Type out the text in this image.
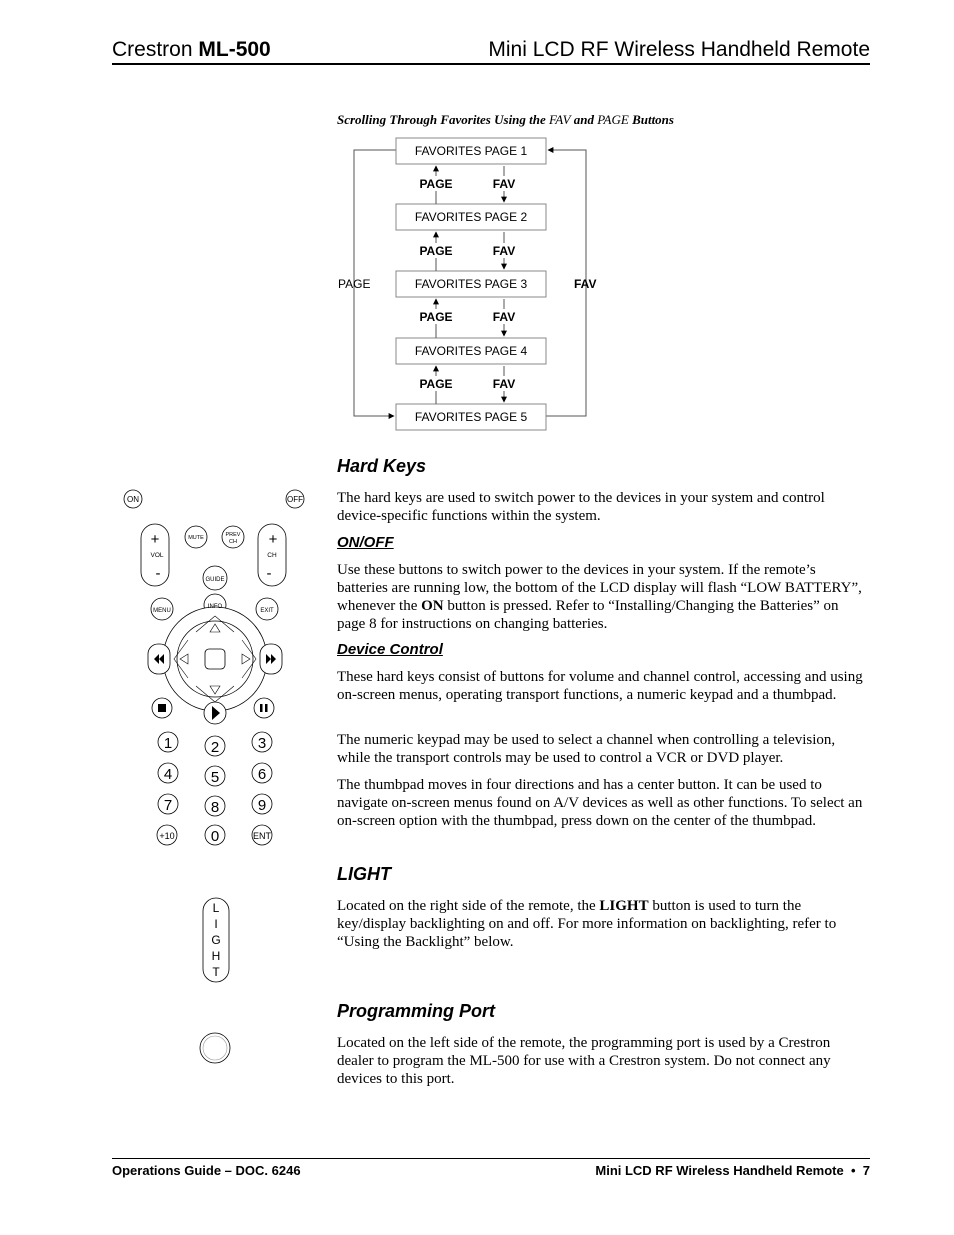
Crestron ML-500	Mini LCD RF Wireless Handheld Remote
Scrolling Through Favorites Using the FAV and PAGE Buttons
PAGE	FAV
FAVORITES PAGE 1
FAVORITES PAGE 2
FAVORITES PAGE 3
FAVORITES PAGE 4
FAVORITES PAGE 5
PAGE	FAV
PAGE	FAV
PAGE	FAV
PAGE	FAV
ON	OFF
MUTE	PREV
CH
VOL	CH
+	+
-	-
GUIDE
MENU
INFO
EXIT
1	2	3
4	5	6
7	8	9
+10 0	ENT
L
I
G
H
T
Hard Keys
The hard keys are used to switch power to the devices in your system and control device-specific functions within the system.
ON/OFF
Use these buttons to switch power to the devices in your system. If the remote’s batteries are running low, the bottom of the LCD display will flash “LOW BATTERY”, whenever the ON button is pressed. Refer to “Installing/Changing the Batteries” on page 8 for instructions on changing batteries.
Device Control
These hard keys consist of buttons for volume and channel control, accessing and using on-screen menus, operating transport functions, a numeric keypad and a thumbpad.
The numeric keypad may be used to select a channel when controlling a television, while the transport controls may be used to control a VCR or DVD player.
The thumbpad moves in four directions and has a center button. It can be used to navigate on-screen menus found on A/V devices as well as other functions. To select an on-screen option with the thumbpad, press down on the center of the thumbpad.
LIGHT
Located on the right side of the remote, the LIGHT button is used to turn the key/display backlighting on and off. For more information on backlighting, refer to “Using the Backlight” below.
Programming Port
Located on the left side of the remote, the programming port is used by a Crestron dealer to program the ML-500 for use with a Crestron system. Do not connect any devices to this port.
Operations Guide – DOC. 6246	Mini LCD RF Wireless Handheld Remote • 7
